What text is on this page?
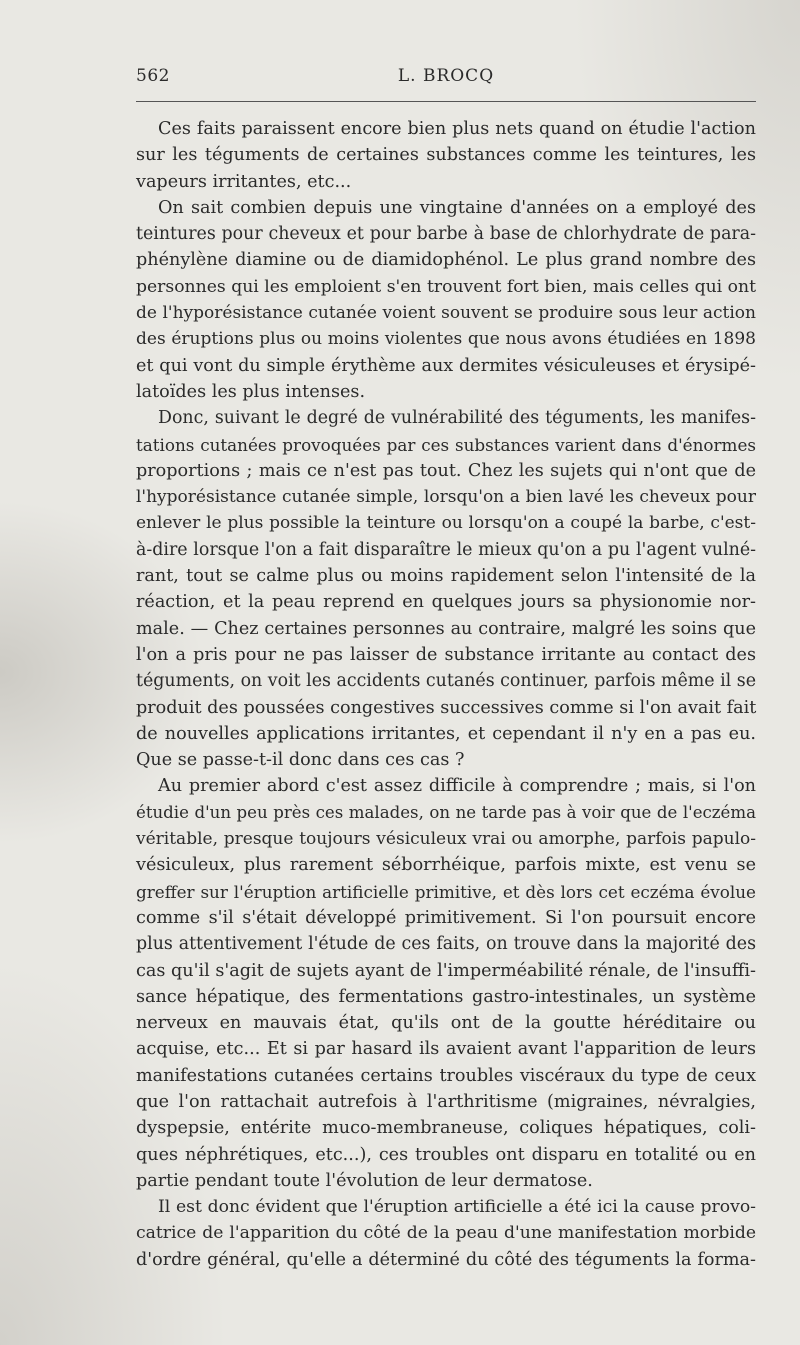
562	L. BROCQ
Ces faits paraissent encore bien plus nets quand on étudie l'action
sur les téguments de certaines substances comme les teintures, les
vapeurs irritantes, etc...
On sait combien depuis une vingtaine d'années on a employé des
teintures pour cheveux et pour barbe à base de chlorhydrate de para-
phénylène diamine ou de diamidophénol. Le plus grand nombre des
personnes qui les emploient s'en trouvent fort bien, mais celles qui ont
de l'hyporésistance cutanée voient souvent se produire sous leur action
des éruptions plus ou moins violentes que nous avons étudiées en 1898
et qui vont du simple érythème aux dermites vésiculeuses et érysipé-
latoïdes les plus intenses.
Donc, suivant le degré de vulnérabilité des téguments, les manifes-
tations cutanées provoquées par ces substances varient dans d'énormes
proportions ; mais ce n'est pas tout. Chez les sujets qui n'ont que de
l'hyporésistance cutanée simple, lorsqu'on a bien lavé les cheveux pour
enlever le plus possible la teinture ou lorsqu'on a coupé la barbe, c'est-
à-dire lorsque l'on a fait disparaître le mieux qu'on a pu l'agent vulné-
rant, tout se calme plus ou moins rapidement selon l'intensité de la
réaction, et la peau reprend en quelques jours sa physionomie nor-
male. — Chez certaines personnes au contraire, malgré les soins que
l'on a pris pour ne pas laisser de substance irritante au contact des
téguments, on voit les accidents cutanés continuer, parfois même il se
produit des poussées congestives successives comme si l'on avait fait
de nouvelles applications irritantes, et cependant il n'y en a pas eu.
Que se passe-t-il donc dans ces cas ?
Au premier abord c'est assez difficile à comprendre ; mais, si l'on
étudie d'un peu près ces malades, on ne tarde pas à voir que de l'eczéma
véritable, presque toujours vésiculeux vrai ou amorphe, parfois papulo-
vésiculeux, plus rarement séborrhéique, parfois mixte, est venu se
greffer sur l'éruption artificielle primitive, et dès lors cet eczéma évolue
comme s'il s'était développé primitivement. Si l'on poursuit encore
plus attentivement l'étude de ces faits, on trouve dans la majorité des
cas qu'il s'agit de sujets ayant de l'imperméabilité rénale, de l'insuffi-
sance hépatique, des fermentations gastro-intestinales, un système
nerveux en mauvais état, qu'ils ont de la goutte héréditaire ou
acquise, etc... Et si par hasard ils avaient avant l'apparition de leurs
manifestations cutanées certains troubles viscéraux du type de ceux
que l'on rattachait autrefois à l'arthritisme (migraines, névralgies,
dyspepsie, entérite muco-membraneuse, coliques hépatiques, coli-
ques néphrétiques, etc...), ces troubles ont disparu en totalité ou en
partie pendant toute l'évolution de leur dermatose.
Il est donc évident que l'éruption artificielle a été ici la cause provo-
catrice de l'apparition du côté de la peau d'une manifestation morbide
d'ordre général, qu'elle a déterminé du côté des téguments la forma-
